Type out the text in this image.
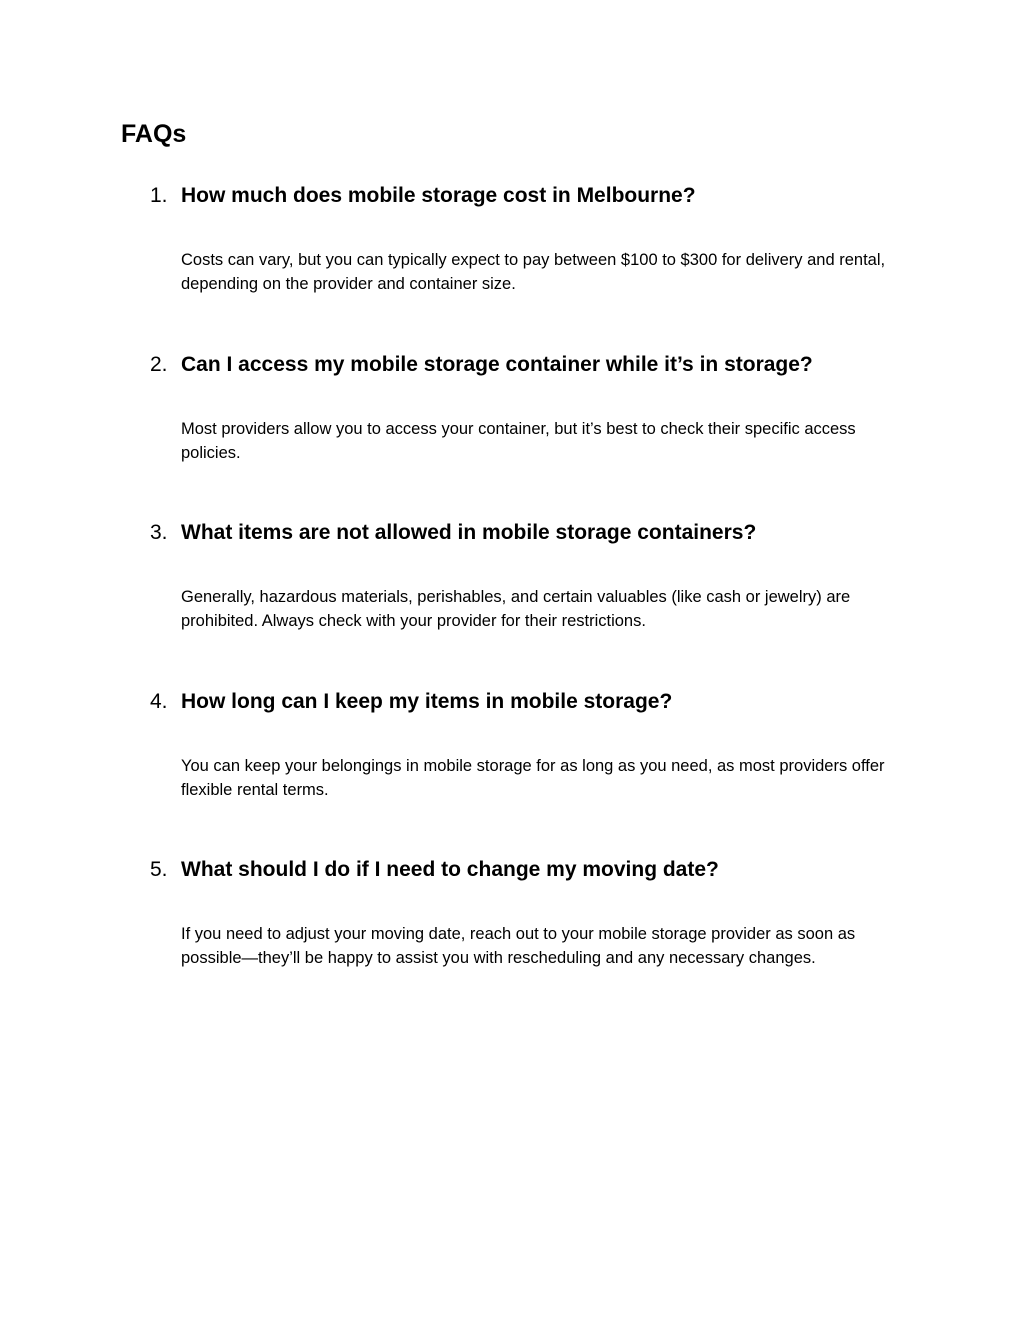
FAQs
1. How much does mobile storage cost in Melbourne?

Costs can vary, but you can typically expect to pay between $100 to $300 for delivery and rental, depending on the provider and container size.

2. Can I access my mobile storage container while it’s in storage?

Most providers allow you to access your container, but it’s best to check their specific access policies.

3. What items are not allowed in mobile storage containers?

Generally, hazardous materials, perishables, and certain valuables (like cash or jewelry) are prohibited. Always check with your provider for their restrictions.

4. How long can I keep my items in mobile storage?

You can keep your belongings in mobile storage for as long as you need, as most providers offer flexible rental terms.

5. What should I do if I need to change my moving date?

If you need to adjust your moving date, reach out to your mobile storage provider as soon as possible—they’ll be happy to assist you with rescheduling and any necessary changes.
